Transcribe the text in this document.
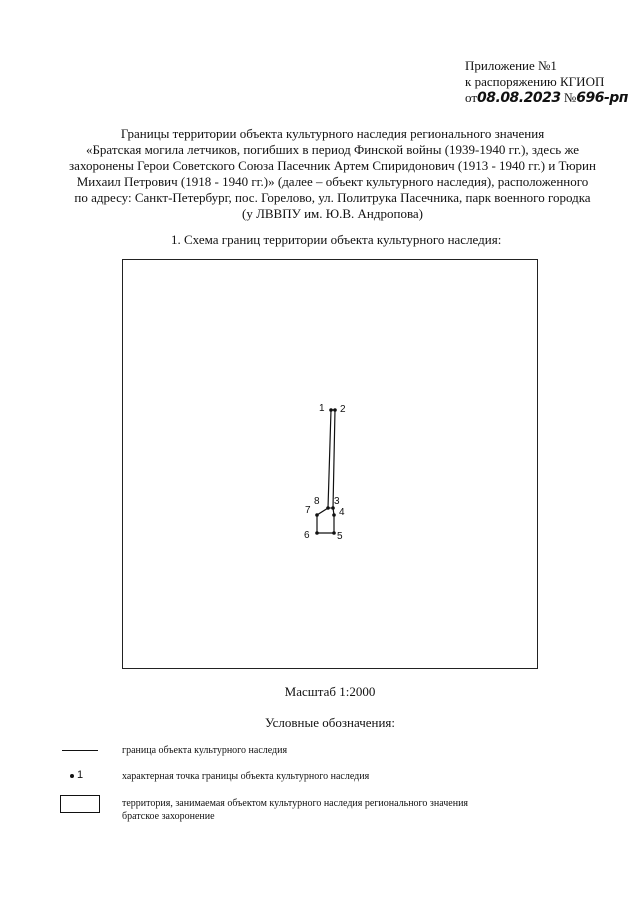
Приложение №1
к распоряжению КГИОП
от08.08.2023 №696-рп
Границы территории объекта культурного наследия регионального значения
«Братская могила летчиков, погибших в период Финской войны (1939-1940 гг.), здесь же
захоронены Герои Советского Союза Пасечник Артем Спиридонович (1913 - 1940 гг.) и Тюрин
Михаил Петрович (1918 - 1940 гг.)» (далее – объект культурного наследия), расположенного
по адресу: Санкт-Петербург, пос. Горелово, ул. Политрука Пасечника, парк военного городка
(у ЛВВПУ им. Ю.В. Андропова)
1. Схема границ территории объекта культурного наследия:
1 2
3
4
5
6
7
8
Масштаб 1:2000
Условные обозначения:
граница объекта культурного наследия
1	характерная точка границы объекта культурного наследия
территория, занимаемая объектом культурного наследия регионального значения
братское захоронение
